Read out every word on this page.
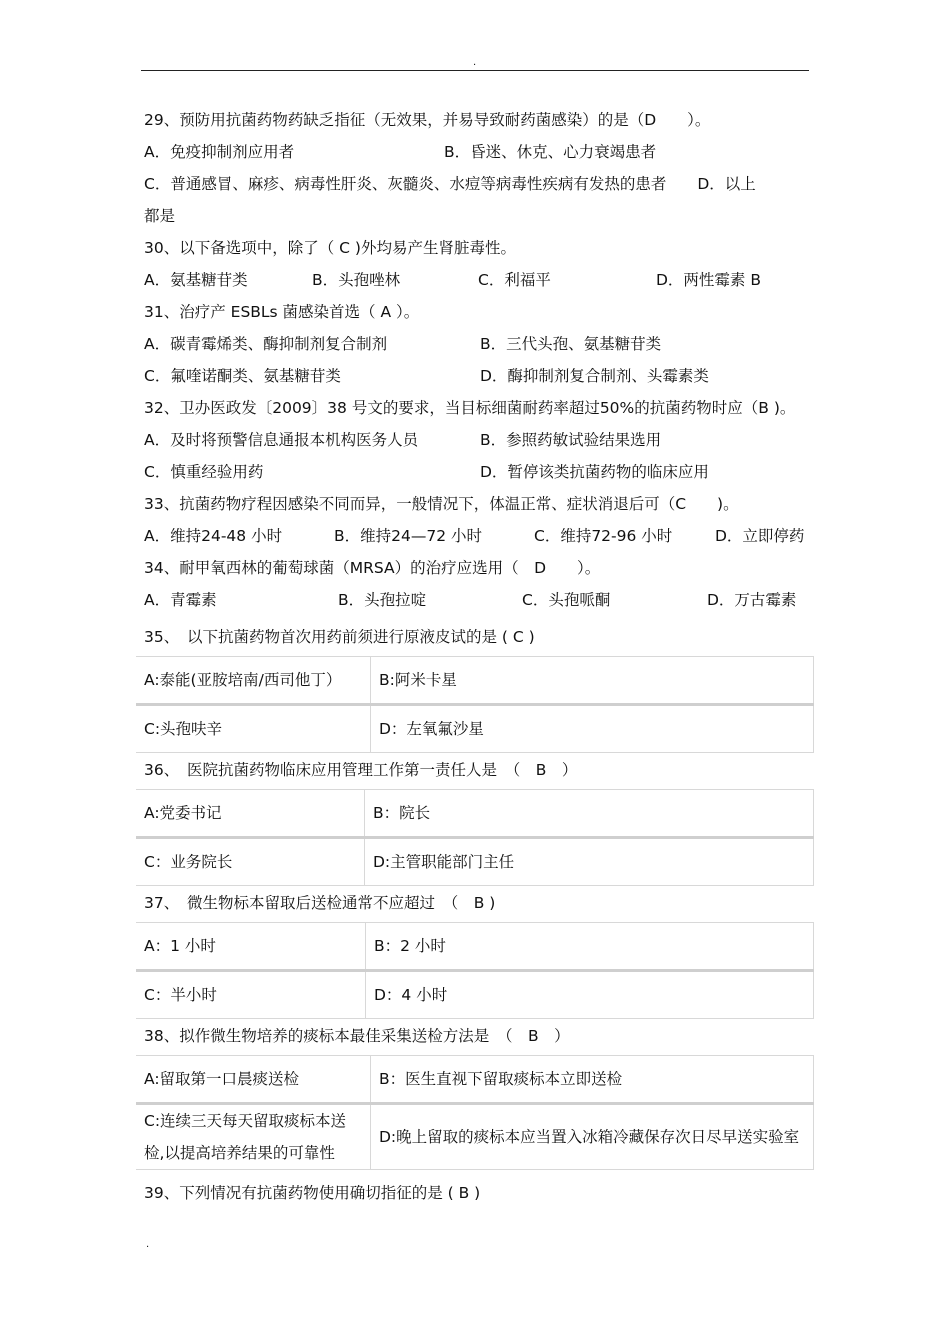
.
29、预防用抗菌药物药缺乏指征（无效果，并易导致耐药菌感染）的是（D　　）。
A．免疫抑制剂应用者	B．昏迷、休克、心力衰竭患者
C．普通感冒、麻疹、病毒性肝炎、灰髓炎、水痘等病毒性疾病有发热的患者　　D．以上
都是
30、以下备选项中，除了（ C )外均易产生肾脏毒性。
A．氨基糖苷类	B．头孢唑林	C．利福平	D．两性霉素 B
31、治疗产 ESBLs 菌感染首选（ A ）。
A．碳青霉烯类、酶抑制剂复合制剂	B．三代头孢、氨基糖苷类
C．氟喹诺酮类、氨基糖苷类	D．酶抑制剂复合制剂、头霉素类
32、卫办医政发〔2009〕38 号文的要求，当目标细菌耐药率超过50%的抗菌药物时应（B )。
A．及时将预警信息通报本机构医务人员	B．参照药敏试验结果选用
C．慎重经验用药	D．暂停该类抗菌药物的临床应用
33、抗菌药物疗程因感染不同而异，一般情况下，体温正常、症状消退后可（C　　)。
A．维持24-48 小时	B．维持24—72 小时	C．维持72-96 小时	D．立即停药
34、耐甲氧西林的葡萄球菌（MRSA）的治疗应选用（　D　　）。
A．青霉素	B．头孢拉啶	C．头孢哌酮	D．万古霉素
35、　以下抗菌药物首次用药前须进行原液皮试的是 ( C )
A:泰能(亚胺培南/西司他丁）	B:阿米卡星
C:头孢呋辛	D：左氧氟沙星
36、　医院抗菌药物临床应用管理工作第一责任人是　（　B　）
A:党委书记	B：院长
C：业务院长	D:主管职能部门主任
37、　微生物标本留取后送检通常不应超过　（　B )
A：1 小时	B：2 小时
C：半小时	D：4 小时
38、拟作微生物培养的痰标本最佳采集送检方法是　（　B　）
A:留取第一口晨痰送检	B：医生直视下留取痰标本立即送检
C:连续三天每天留取痰标本送检,以提高培养结果的可靠性	D:晚上留取的痰标本应当置入冰箱冷藏保存次日尽早送实验室
39、下列情况有抗菌药物使用确切指征的是 ( B )
.
